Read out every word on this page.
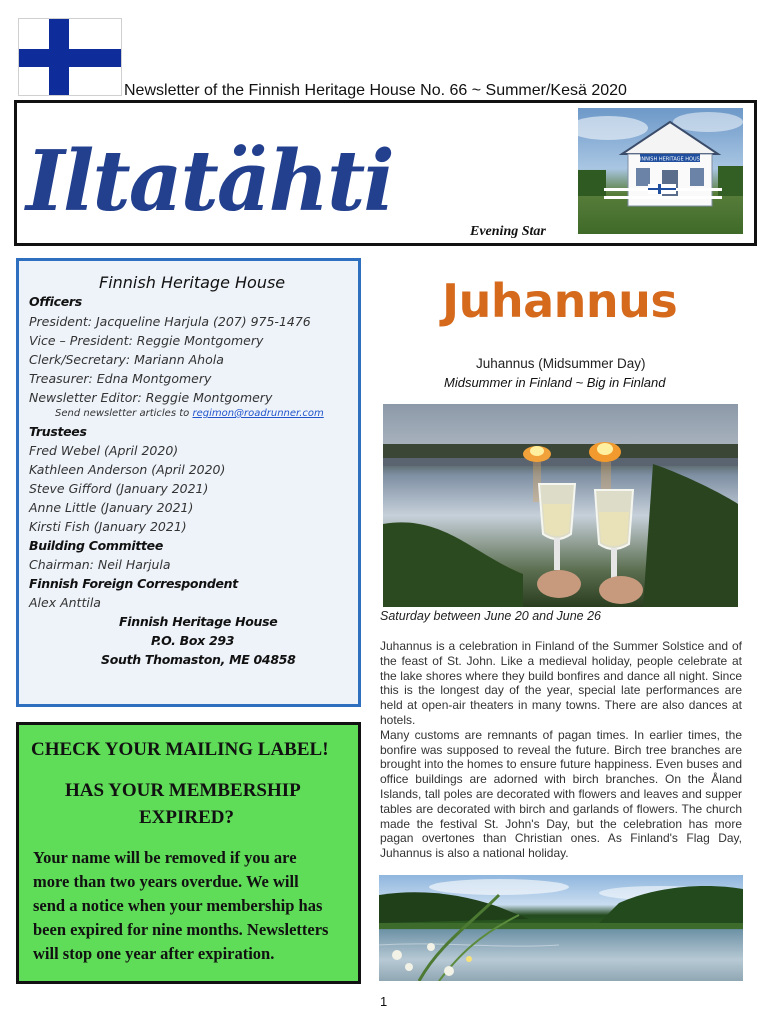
Newsletter of the Finnish Heritage House No. 66 ~ Summer/Kesä 2020
Iltatähti
Evening Star
FINNISH HERITAGE HOUSE
Finnish Heritage House
Officers
President: Jacqueline Harjula (207) 975-1476
Vice – President: Reggie Montgomery
Clerk/Secretary: Mariann Ahola
Treasurer: Edna Montgomery
Newsletter Editor: Reggie Montgomery
Send newsletter articles to regimon@roadrunner.com
Trustees
Fred Webel (April 2020)
Kathleen Anderson (April 2020)
Steve Gifford (January 2021)
Anne Little (January 2021)
Kirsti Fish (January 2021)
Building Committee
Chairman: Neil Harjula
Finnish Foreign Correspondent
Alex Anttila
Finnish Heritage House
P.O. Box 293
South Thomaston, ME 04858
CHECK YOUR MAILING LABEL!
HAS YOUR MEMBERSHIP
EXPIRED?
Your name will be removed if you are
more than two years overdue. We will
send a notice when your membership has
been expired for nine months. Newsletters
will stop one year after expiration.
Juhannus
Juhannus (Midsummer Day)
Midsummer in Finland ~ Big in Finland
Saturday between June 20 and June 26

Juhannus is a celebration in Finland of the Summer Solstice and of the feast of St. John. Like a medieval holiday, people celebrate at the lake shores where they build bonfires and dance all night. Since this is the longest day of the year, special late performances are held at open-air theaters in many towns. There are also dances at hotels.

Many customs are remnants of pagan times. In earlier times, the bonfire was supposed to reveal the future. Birch tree branches are brought into the homes to ensure future happiness. Even buses and office buildings are adorned with birch branches. On the Åland Islands, tall poles are decorated with flowers and leaves and supper tables are decorated with birch and garlands of flowers. The church made the festival St. John's Day, but the celebration has more pagan overtones than Christian ones. As Finland's Flag Day, Juhannus is also a national holiday.

1
